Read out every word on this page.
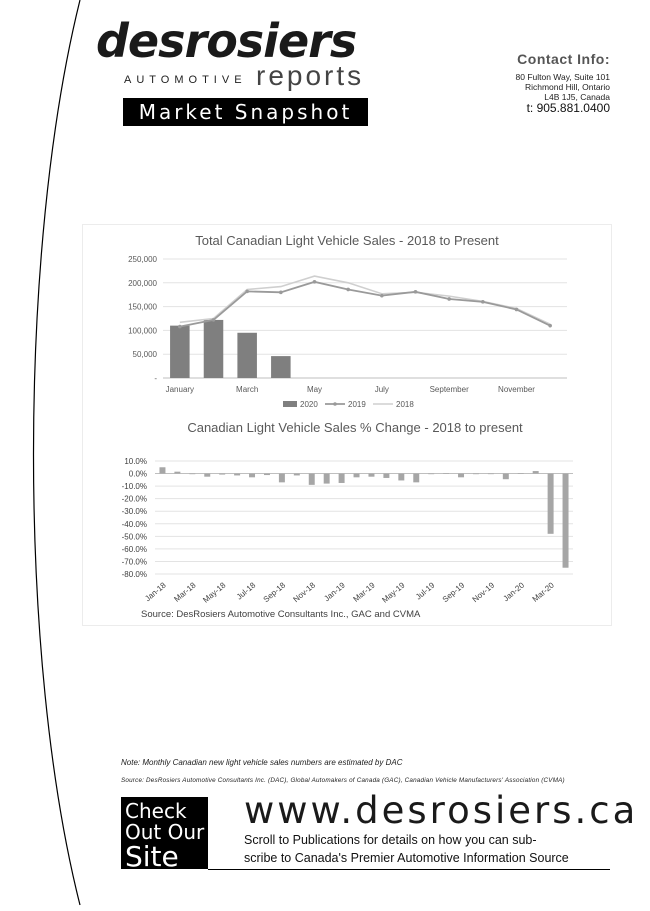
desrosiers
AUTOMOTIVE reports
Market Snapshot
Contact Info:
80 Fulton Way, Suite 101
Richmond Hill, Ontario
L4B 1J5, Canada
t: 905.881.0400
Total Canadian Light Vehicle Sales - 2018 to Present
-
50,000
100,000
150,000
200,000
250,000
January	March	May	July	September	November
2020	2019	2018
Canadian Light Vehicle Sales % Change - 2018 to present
10.0%
0.0%
-10.0%
-20.0%
-30.0%
-40.0%
-50.0%
-60.0%
-70.0%
-80.0%
Jan-18 Mar-18 May-18 Jul-18 Sep-18 Nov-18 Jan-19 Mar-19 May-19 Jul-19 Sep-19 Nov-19 Jan-20 Mar-20
Source: DesRosiers Automotive Consultants Inc., GAC and CVMA
Note: Monthly Canadian new light vehicle sales numbers are estimated by DAC
Source: DesRosiers Automotive Consultants Inc. (DAC), Global Automakers of Canada (GAC), Canadian Vehicle Manufacturers' Association (CVMA)
Check
Out Our
Site
www.desrosiers.ca
Scroll to Publications for details on how you can sub-
scribe to Canada's Premier Automotive Information Source
